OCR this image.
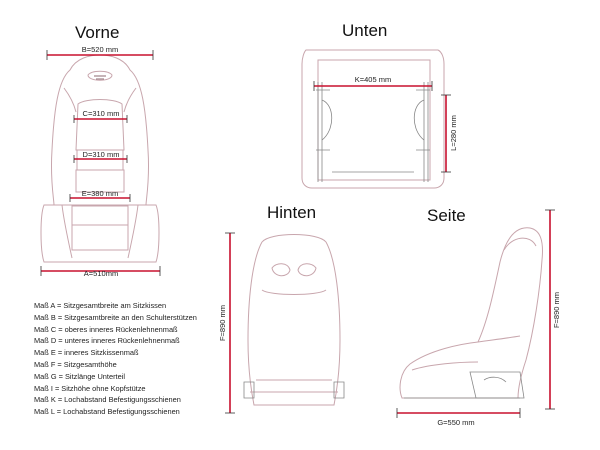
Vorne	Unten
Hinten	Seite
B=520 mm
C=310 mm
D=310 mm
E=380 mm
A=510mm
K=405 mm
L=280 mm
F=890 mm	F=890 mm
G=550 mm
Maß A = Sitzgesamtbreite am Sitzkissen
Maß B = Sitzgesamtbreite an den Schulterstützen
Maß C = oberes inneres Rückenlehnenmaß
Maß D = unteres inneres Rückenlehnenmaß
Maß E = inneres Sitzkissenmaß
Maß F = Sitzgesamthöhe
Maß G = Sitzlänge Unterteil
Maß I = Sitzhöhe ohne Kopfstütze
Maß K = Lochabstand Befestigungsschienen
Maß L = Lochabstand Befestigungsschienen
